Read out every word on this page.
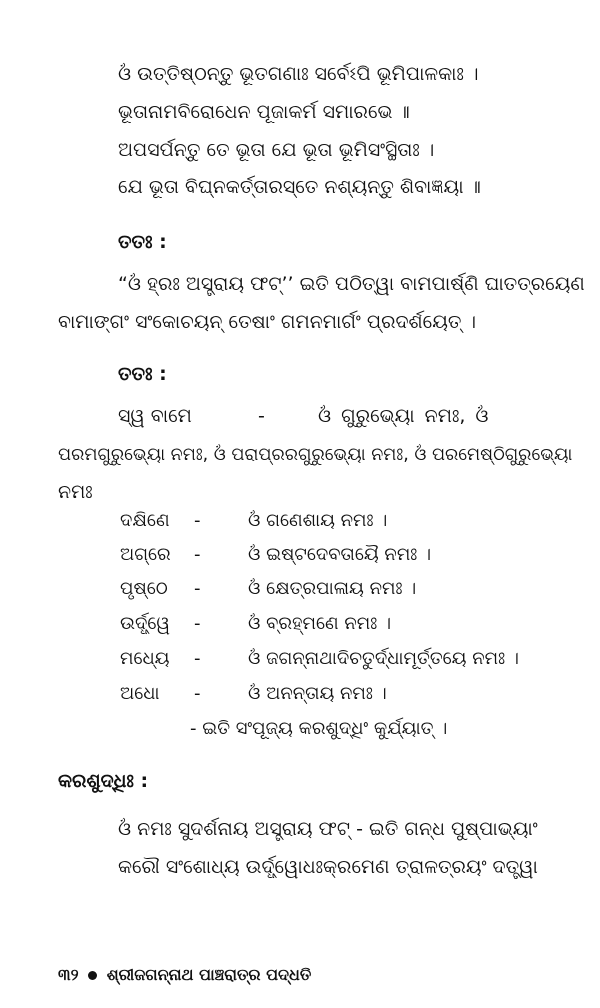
ଓଁ ଉତ୍ତିଷ୍ଠନ୍ତୁ ଭୂତଗଣାଃ ସର୍ବେଽପି ଭୂମିପାଳକାଃ ।
ଭୂତାନାମବିରୋଧେନ ପୂଜାକର୍ମ ସମାରଭେ ॥
ଅପସର୍ପନ୍ତୁ ତେ ଭୂତା ଯେ ଭୂତା ଭୂମିସଂସ୍ଥିତାଃ ।
ଯେ ଭୂତା ବିଘ୍ନକର୍ତ୍ତାରସ୍ତେ ନଶ୍ୟନ୍ତୁ ଶିବାଜ୍ଞୟା ॥
ତତଃ :
“ଓଁ ହ୍ରଃ ଅସ୍ତ୍ରାୟ ଫଟ୍’’ ଇତି ପଠିତ୍ୱା ବାମପାର୍ଷ୍ଣି ଘାତତ୍ରୟେଣ
ବାମାଙ୍ଗଂ ସଂକୋଚୟନ୍ ତେଷାଂ ଗମନମାର୍ଗଂ ପ୍ରଦର୍ଶୟେତ୍ ।
ତତଃ :
ସ୍ୱ ବାମେ	-	ଓଁ ଗୁରୁଭ୍ୟୋ ନମଃ, ଓଁ
ପରମଗୁରୁଭ୍ୟୋ ନମଃ, ଓଁ ପରାପ୍ରରଗୁରୁଭ୍ୟୋ ନମଃ, ଓଁ ପରମେଷ୍ଠିଗୁରୁଭ୍ୟୋ
ନମଃ
ଦକ୍ଷିଣେ -	ଓଁ ଗଣେଶାୟ ନମଃ ।
ଅଗ୍ରେ -	ଓଁ ଇଷ୍ଟଦେବତାୟୈ ନମଃ ।
ପୃଷ୍ଠେ -	ଓଁ କ୍ଷେତ୍ରପାଳାୟ ନମଃ ।
ଉର୍ଦ୍ଧ୍ୱେ -	ଓଁ ବ୍ରହ୍ମଣେ ନମଃ ।
ମଧ୍ୟେ -	ଓଁ ଜଗନ୍ନାଥାଦିଚତୁର୍ଦ୍ଧାମୂର୍ତ୍ତୟେ ନମଃ ।
ଅଧୋ -	ଓଁ ଅନନ୍ତାୟ ନମଃ ।
- ଇତି ସଂପୂଜ୍ୟ କରଶୁଦ୍ଧିଂ କୁର୍ଯ୍ୟାତ୍ ।
କରଶୁଦ୍ଧିଃ :
ଓଁ ନମଃ ସୁଦର୍ଶନାୟ ଅସ୍ତ୍ରାୟ ଫଟ୍ - ଇତି ଗନ୍ଧ ପୁଷ୍ପାଭ୍ୟାଂ
କରୌ ସଂଶୋଧ୍ୟ ଉର୍ଦ୍ଧ୍ୱୋଧଃକ୍ରମେଣ ତ୍ରାଳତ୍ରୟଂ ଦତ୍ତ୍ୱା
୩୨ ଶ୍ରୀଜଗନ୍ନାଥ ପାଞ୍ଚରାତ୍ର ପଦ୍ଧତି
